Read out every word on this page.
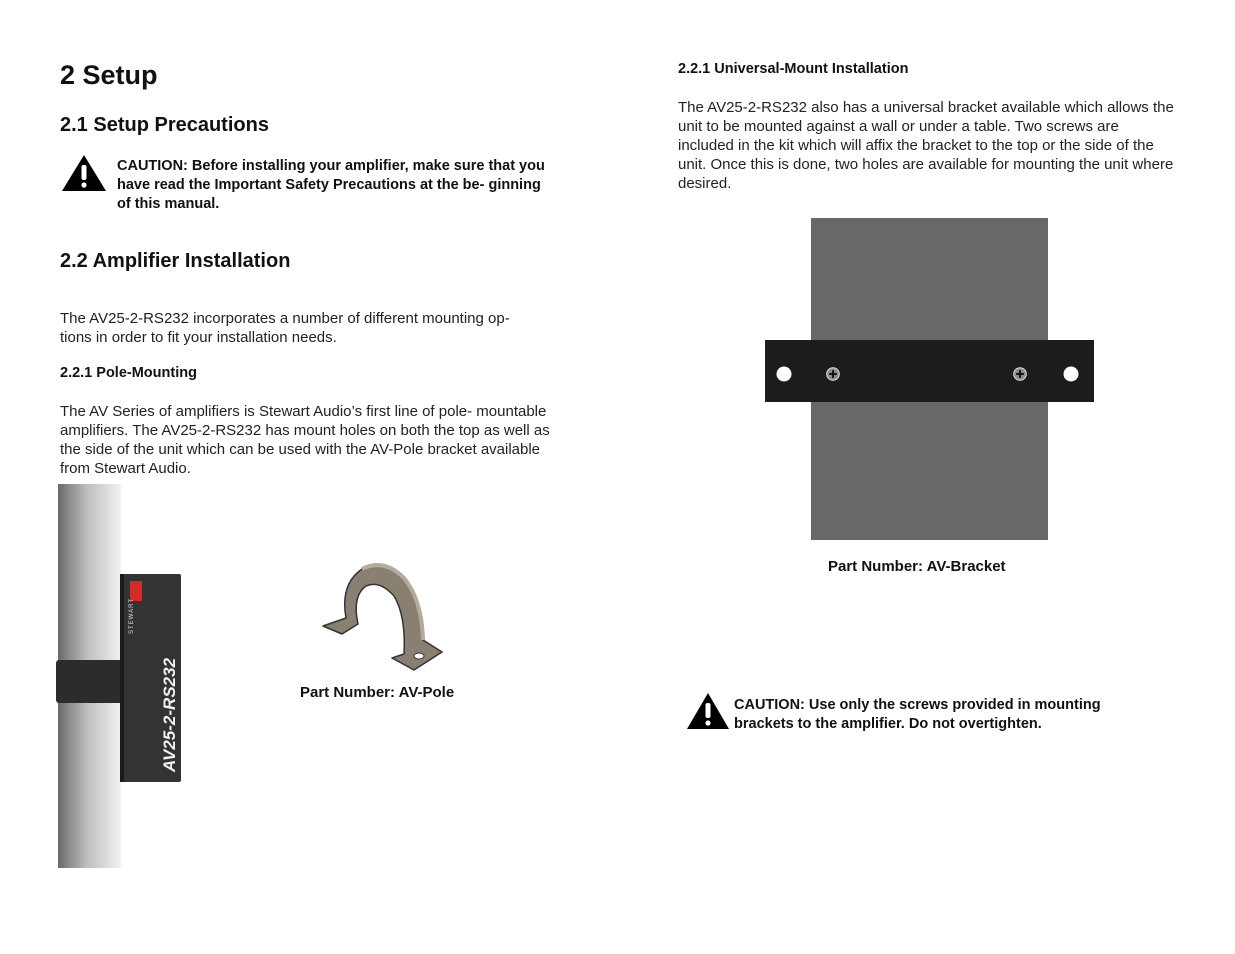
2 Setup
2.1 Setup Precautions
CAUTION: Before installing your amplifier, make sure that you have read the Important Safety Precautions at the be- ginning of this manual.
2.2 Amplifier Installation
The AV25-2-RS232 incorporates a number of different mounting op- tions in order to fit your installation needs.
2.2.1 Pole-Mounting
The AV Series of amplifiers is Stewart Audio’s first line of pole- mountable amplifiers. The AV25-2-RS232 has mount holes on both the top as well as the side of the unit which can be used with the AV-Pole bracket available from Stewart Audio.
STEWART
AV25-2-RS232	Part Number: AV-Pole
2.2.1 Universal-Mount Installation
The AV25-2-RS232 also has a universal bracket available which allows the unit to be mounted against a wall or under a table. Two screws are included in the kit which will affix the bracket to the top or the side of the unit. Once this is done, two holes are available for mounting the unit where desired.
Part Number: AV-Bracket
CAUTION: Use only the screws provided in mounting brackets to the amplifier. Do not overtighten.
